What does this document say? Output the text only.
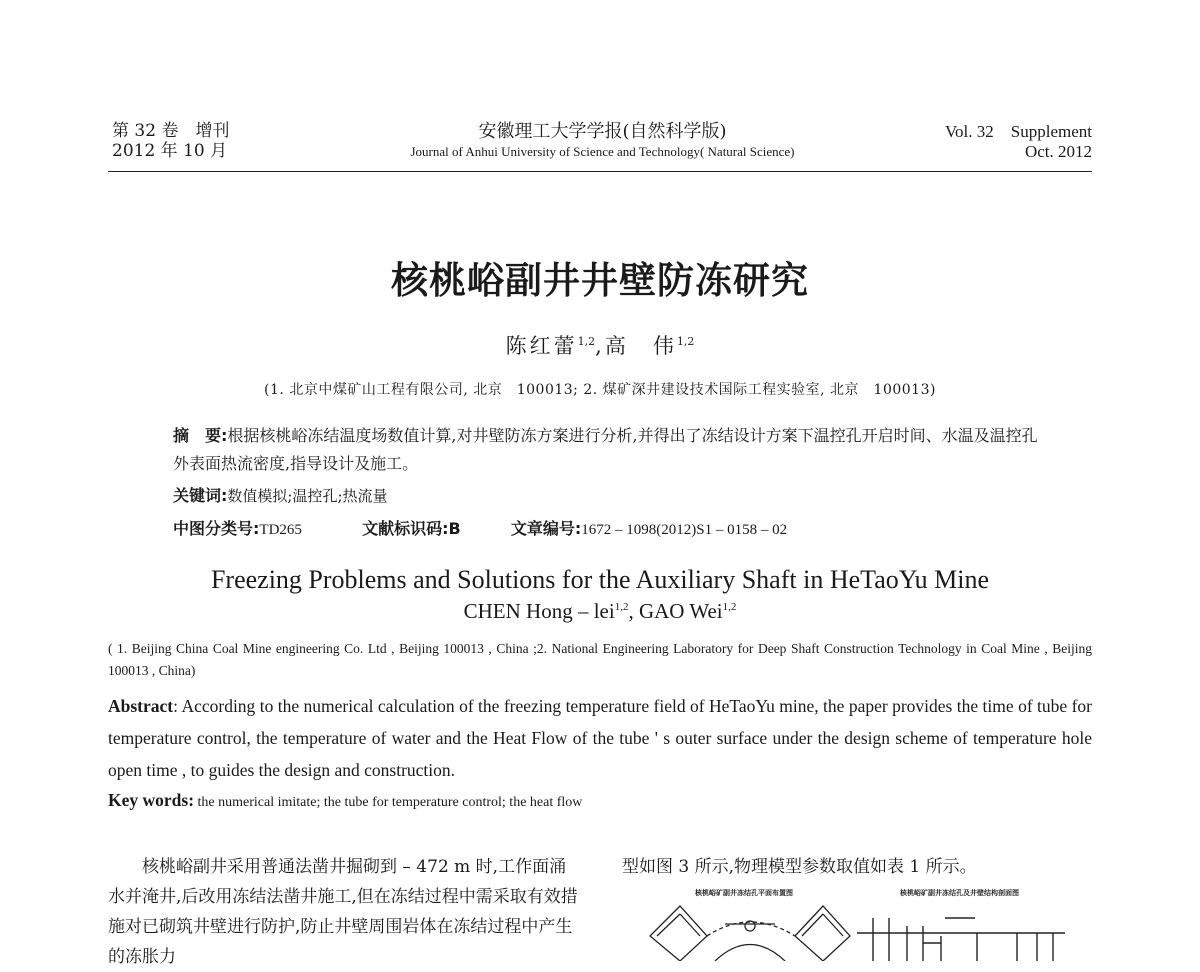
第 32 卷　增刊
2012 年 10 月
安徽理工大学学报(自然科学版)
Journal of Anhui University of Science and Technology( Natural Science)
Vol. 32　Supplement
Oct. 2012
核桃峪副井井壁防冻研究
陈红蕾$^{1,2}$,高　伟$^{1,2}$
(1. 北京中煤矿山工程有限公司, 北京　100013; 2. 煤矿深井建设技术国际工程实验室, 北京　100013)
摘　要:根据核桃峪冻结温度场数值计算,对井壁防冻方案进行分析,并得出了冻结设计方案下温控孔开启时间、水温及温控孔外表面热流密度,指导设计及施工。
关键词:数值模拟;温控孔;热流量
中图分类号:TD265	文献标识码:B	文章编号:1672 – 1098(2012)S1 – 0158 – 02
Freezing Problems and Solutions for the Auxiliary Shaft in HeTaoYu Mine
CHEN Hong – lei$^{1,2}$, GAO Wei$^{1,2}$
( 1. Beijing China Coal Mine engineering Co. Ltd , Beijing 100013 , China ;2. National Engineering Laboratory for Deep Shaft Construction Technology in Coal Mine , Beijing 100013 , China)
Abstract: According to the numerical calculation of the freezing temperature field of HeTaoYu mine, the paper provides the time of tube for temperature control, the temperature of water and the Heat Flow of the tube ' s outer surface under the design scheme of temperature hole open time , to guides the design and construction.
Key words: the numerical imitate; the tube for temperature control; the heat flow

核桃峪副井采用普通法凿井掘砌到 – 472 m 时,工作面涌水并淹井,后改用冻结法凿井施工,但在冻结过程中需采取有效措施对已砌筑井壁进行防护,防止井壁周围岩体在冻结过程中产生的冻胀力

型如图 3 所示,物理模型参数取值如表 1 所示。
核桃峪矿副井冻结孔平面布置图	核桃峪矿副井冻结孔及井壁结构剖面图
